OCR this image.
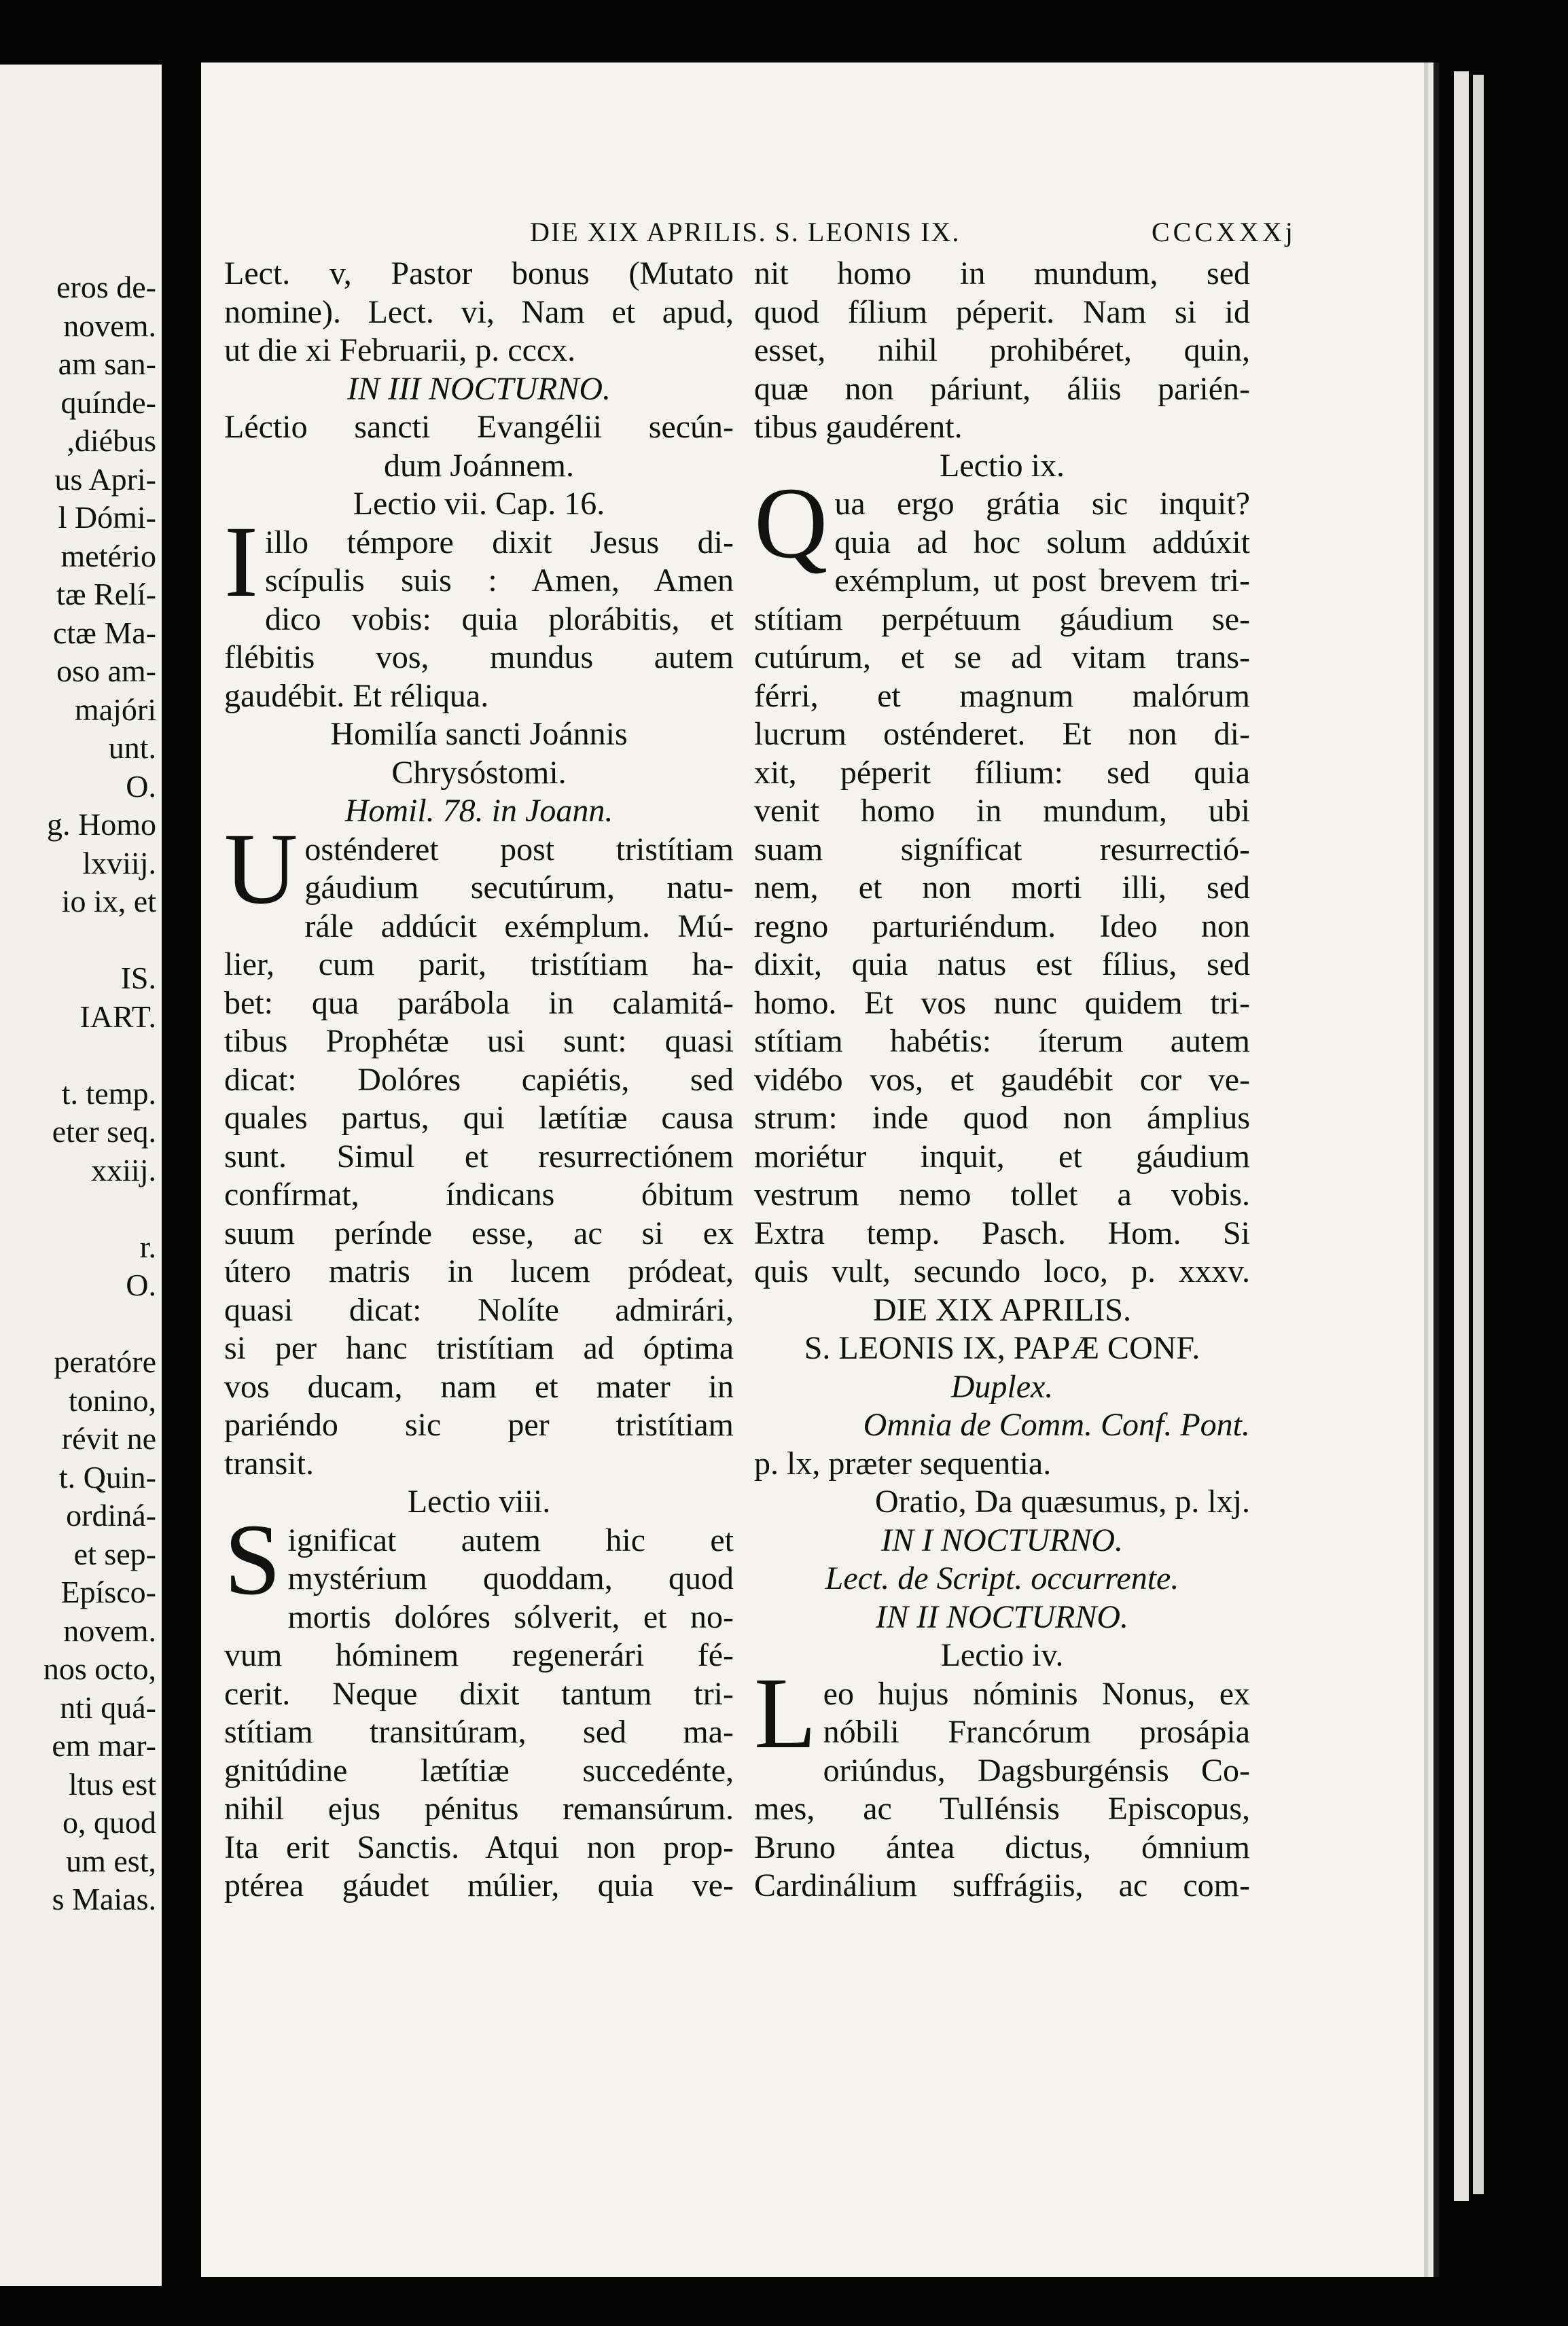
eros de-
novem.
am san-
quínde-
,diébus
us Apri-
l Dómi-
metério
tæ Relí-
ctæ Ma-
oso am-
majóri
unt.
O.
g. Homo
lxviij.
io ix, et
IS.
IART.
t. temp.
eter seq.
xxiij.
r.
O.
peratóre
tonino,
révit ne
t. Quin-
ordiná-
et sep-
Epísco-
novem.
nos octo,
nti quá-
em mar-
ltus est
o, quod
um est,
s Maias.
DIE XIX APRILIS. S. LEONIS IX.	CCCXXXj
Lect. v, Pastor bonus (Mutato
nomine). Lect. vi, Nam et apud,
ut die xi Februarii, p. cccx.
IN III NOCTURNO.
Léctio sancti Evangélii secún-
dum Joánnem.
Lectio vii. Cap. 16.
Iillo témpore dixit Jesus di-
scípulis suis : Amen, Amen
dico vobis: quia plorábitis, et
flébitis vos, mundus autem
gaudébit. Et réliqua.
Homilía sancti Joánnis
Chrysóstomi.
Homil. 78. in Joann.
Uosténderet post tristítiam
gáudium secutúrum, natu-
rále addúcit exémplum. Mú-
lier, cum parit, tristítiam ha-
bet: qua parábola in calamitá-
tibus Prophétæ usi sunt: quasi
dicat: Dolóres capiétis, sed
quales partus, qui lætítiæ causa
sunt. Simul et resurrectiónem
confírmat, índicans óbitum
suum perínde esse, ac si ex
útero matris in lucem pródeat,
quasi dicat: Nolíte admirári,
si per hanc tristítiam ad óptima
vos ducam, nam et mater in
pariéndo sic per tristítiam
transit.
Lectio viii.
Significat autem hic et
mystérium quoddam, quod
mortis dolóres sólverit, et no-
vum hóminem regenerári fé-
cerit. Neque dixit tantum tri-
stítiam transitúram, sed ma-
gnitúdine lætítiæ succedénte,
nihil ejus pénitus remansúrum.
Ita erit Sanctis. Atqui non prop-
ptérea gáudet múlier, quia ve-
nit homo in mundum, sed
quod fílium péperit. Nam si id
esset, nihil prohibéret, quin,
quæ non páriunt, áliis parién-
tibus gaudérent.
Lectio ix.
Qua ergo grátia sic inquit?
quia ad hoc solum addúxit
exémplum, ut post brevem tri-
stítiam perpétuum gáudium se-
cutúrum, et se ad vitam trans-
férri, et magnum malórum
lucrum osténderet. Et non di-
xit, péperit fílium: sed quia
venit homo in mundum, ubi
suam signíficat resurrectió-
nem, et non morti illi, sed
regno parturiéndum. Ideo non
dixit, quia natus est fílius, sed
homo. Et vos nunc quidem tri-
stítiam habétis: íterum autem
vidébo vos, et gaudébit cor ve-
strum: inde quod non ámplius
moriétur inquit, et gáudium
vestrum nemo tollet a vobis.
Extra temp. Pasch. Hom. Si
quis vult, secundo loco, p. xxxv.
DIE XIX APRILIS.
S. LEONIS IX, PAPÆ CONF.
Duplex.
Omnia de Comm. Conf. Pont.
p. lx, præter sequentia.
Oratio, Da quæsumus, p. lxj.
IN I NOCTURNO.
Lect. de Script. occurrente.
IN II NOCTURNO.
Lectio iv.
Leo hujus nóminis Nonus, ex
nóbili Francórum prosápia
oriúndus, Dagsburgénsis Co-
mes, ac TulIénsis Episcopus,
Bruno ántea dictus, ómnium
Cardinálium suffrágiis, ac com-
